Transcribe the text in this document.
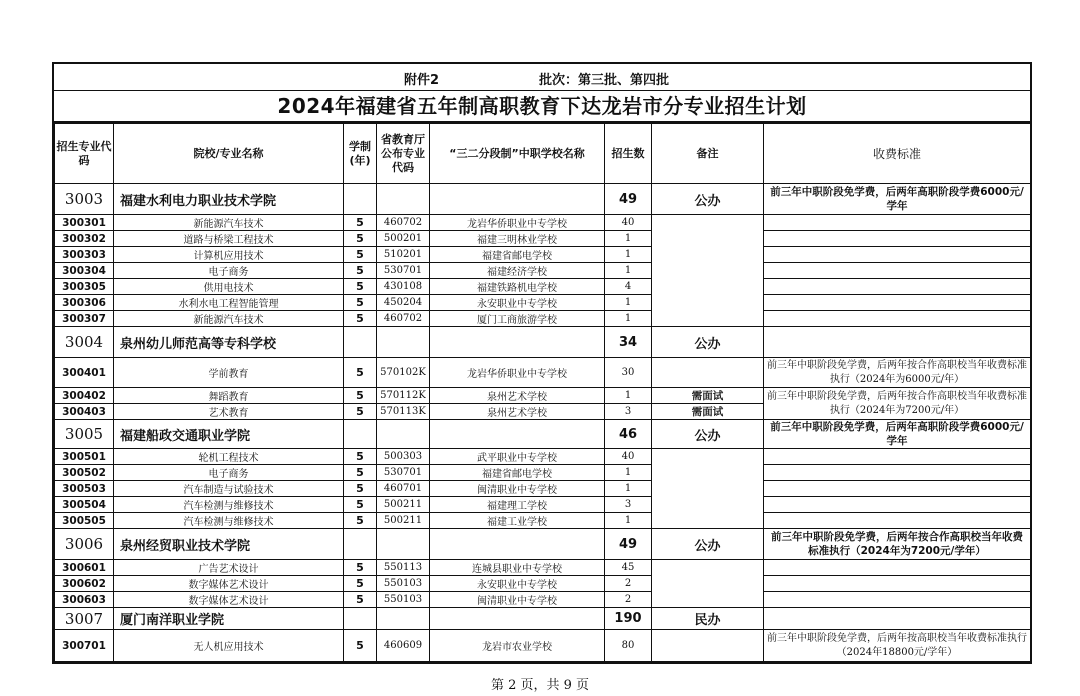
附件2	批次：第三批、第四批
2024年福建省五年制高职教育下达龙岩市分专业招生计划
招生专业代码	院校/专业名称	学制(年)	省教育厅公布专业代码	“三二分段制”中职学校名称	招生数	备注	收费标准
3003	福建水利电力职业技术学院				49	公办	前三年中职阶段免学费，后两年高职阶段学费6000元/学年
300301	新能源汽车技术	5	460702	龙岩华侨职业中专学校	40		
300302	道路与桥梁工程技术	5	500201	福建三明林业学校	1		
300303	计算机应用技术	5	510201	福建省邮电学校	1		
300304	电子商务	5	530701	福建经济学校	1		
300305	供用电技术	5	430108	福建铁路机电学校	4		
300306	水利水电工程智能管理	5	450204	永安职业中专学校	1		
300307	新能源汽车技术	5	460702	厦门工商旅游学校	1		
3004	泉州幼儿师范高等专科学校				34	公办	
300401	学前教育	5	570102K	龙岩华侨职业中专学校	30		前三年中职阶段免学费，后两年按合作高职校当年收费标准执行（2024年为6000元/年）
300402	舞蹈教育	5	570112K	泉州艺术学校	1	需面试	前三年中职阶段免学费，后两年按合作高职校当年收费标准执行（2024年为7200元/年）
300403	艺术教育	5	570113K	泉州艺术学校	3	需面试	
3005	福建船政交通职业学院				46	公办	前三年中职阶段免学费，后两年高职阶段学费6000元/学年
300501	轮机工程技术	5	500303	武平职业中专学校	40		
300502	电子商务	5	530701	福建省邮电学校	1		
300503	汽车制造与试验技术	5	460701	闽清职业中专学校	1		
300504	汽车检测与维修技术	5	500211	福建理工学校	3		
300505	汽车检测与维修技术	5	500211	福建工业学校	1		
3006	泉州经贸职业技术学院				49	公办	前三年中职阶段免学费，后两年按合作高职校当年收费标准执行（2024年为7200元/学年）
300601	广告艺术设计	5	550113	连城县职业中专学校	45		
300602	数字媒体艺术设计	5	550103	永安职业中专学校	2		
300603	数字媒体艺术设计	5	550103	闽清职业中专学校	2		
3007	厦门南洋职业学院				190	民办	
300701	无人机应用技术	5	460609	龙岩市农业学校	80		前三年中职阶段免学费，后两年按高职校当年收费标准执行（2024年18800元/学年）
第 2 页，共 9 页
